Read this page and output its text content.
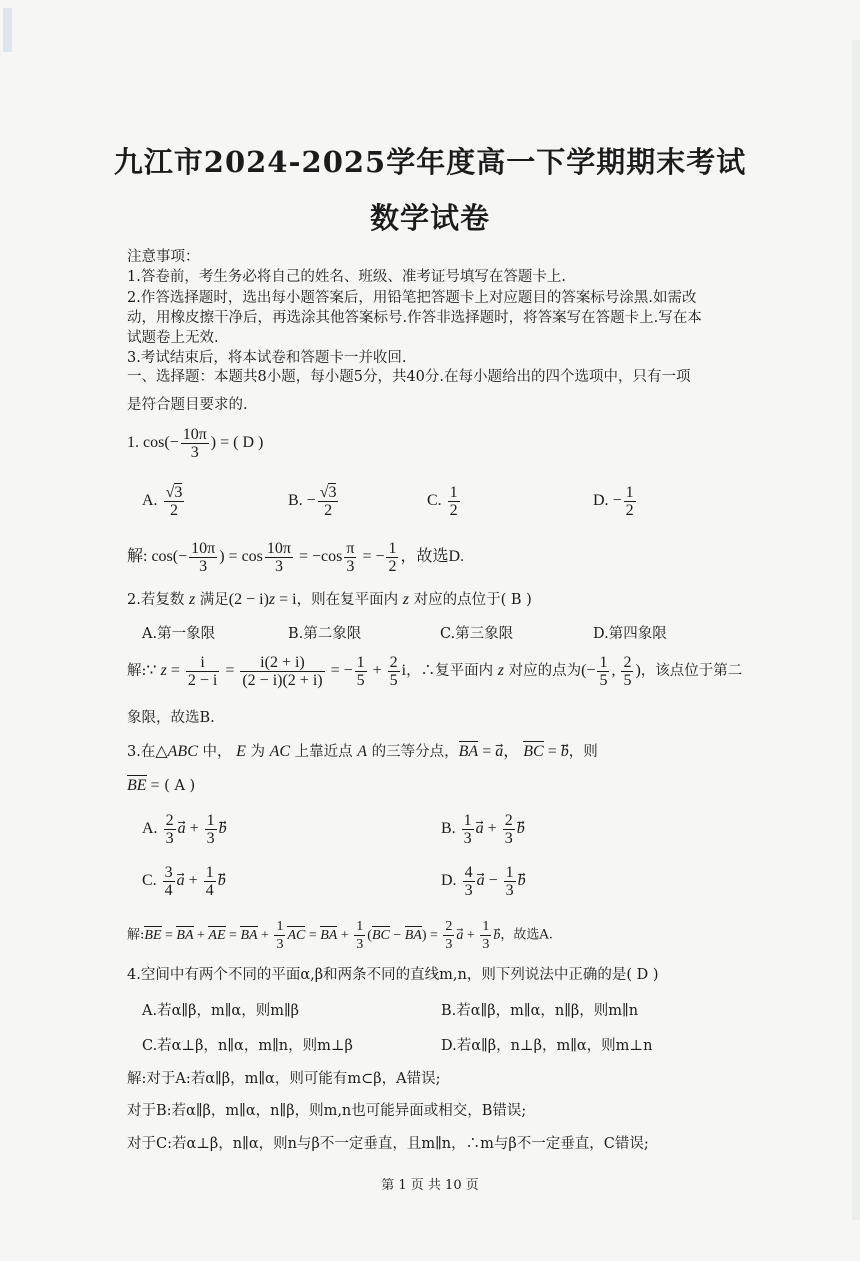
九江市2024-2025学年度高一下学期期末考试
数学试卷
注意事项：
1.答卷前，考生务必将自己的姓名、班级、准考证号填写在答题卡上.
2.作答选择题时，选出每小题答案后，用铅笔把答题卡上对应题目的答案标号涂黑.如需改
动，用橡皮擦干净后，再选涂其他答案标号.作答非选择题时，将答案写在答题卡上.写在本
试题卷上无效.
3.考试结束后，将本试卷和答题卡一并收回.
一、选择题：本题共8小题，每小题5分，共40分.在每小题给出的四个选项中，只有一项
是符合题目要求的.
1. $\cos(- \frac{10\pi}{3}$ ) = ( D )
A. $\frac{√3}{2}$	B. − $\frac{√3}{2}$	C. $\frac{1}{2}$	D. − $\frac{1}{2}$
解: $\cos(- \frac{10\pi}{3}$ ) = $\cos \frac{10\pi}{3} = -\cos \frac{\pi}{3}$ = − $\frac{1}{2}$ ，故选D.
2.若复数 z 满足(2 − i)z = i，则在复平面内 z 对应的点位于( B )
A.第一象限	B.第二象限	C.第三象限	D.第四象限
解:∵ $z = \frac{i}{2 - i} = \frac{i(2 + i)}{(2 - i)(2 + i)}$ = − $\frac{1}{5} + \frac{2}{5}$ i，∴复平面内 z 对应的点为(− $\frac{1}{5}$ , $\frac{2}{5}$ )，该点位于第二
象限，故选B.
3.在△ABC 中， E 为 AC 上靠近点 A 的三等分点，BA = a⃗， BC = b，则
BE = ( A )
A. $\frac{2}{3}$ a⃗ + $\frac{1}{3}$ b	B. $\frac{1}{3}$ a⃗ + $\frac{2}{3}$ b
C. $\frac{3}{4}$ a⃗ + $\frac{1}{4}$ b	D. $\frac{4}{3}$ a⃗ − $\frac{1}{3}$ b
解:BE = BA + AE = BA + $\frac{1}{3}$ AC = BA + $\frac{1}{3} (BC - BA) = \frac{2}{3}$ a⃗ + $\frac{1}{3}$ b，故选A.
4.空间中有两个不同的平面α,β和两条不同的直线m,n，则下列说法中正确的是( D )
A.若α∥β，m∥α，则m∥β	B.若α∥β，m∥α，n∥β，则m∥n
C.若α⊥β，n∥α，m∥n，则m⊥β	D.若α∥β，n⊥β，m∥α，则m⊥n
解:对于A:若α∥β，m∥α，则可能有m⊂β，A错误;
对于B:若α∥β，m∥α，n∥β，则m,n也可能异面或相交，B错误;
对于C:若α⊥β，n∥α，则n与β不一定垂直，且m∥n，∴m与β不一定垂直，C错误;
第 1 页 共 10 页
